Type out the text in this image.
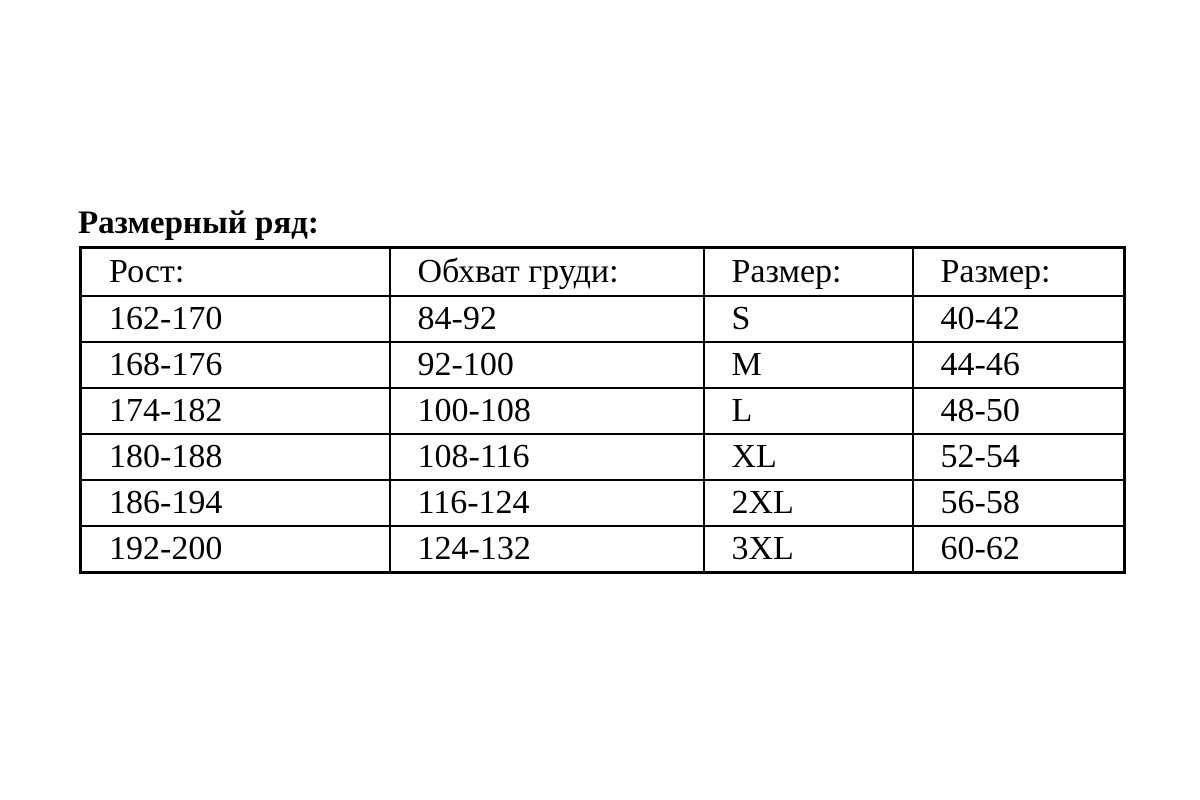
Размерный ряд:
Рост:	Обхват груди:	Размер:	Размер:
162-170	84-92	S	40-42
168-176	92-100	M	44-46
174-182	100-108	L	48-50
180-188	108-116	XL	52-54
186-194	116-124	2XL	56-58
192-200	124-132	3XL	60-62
